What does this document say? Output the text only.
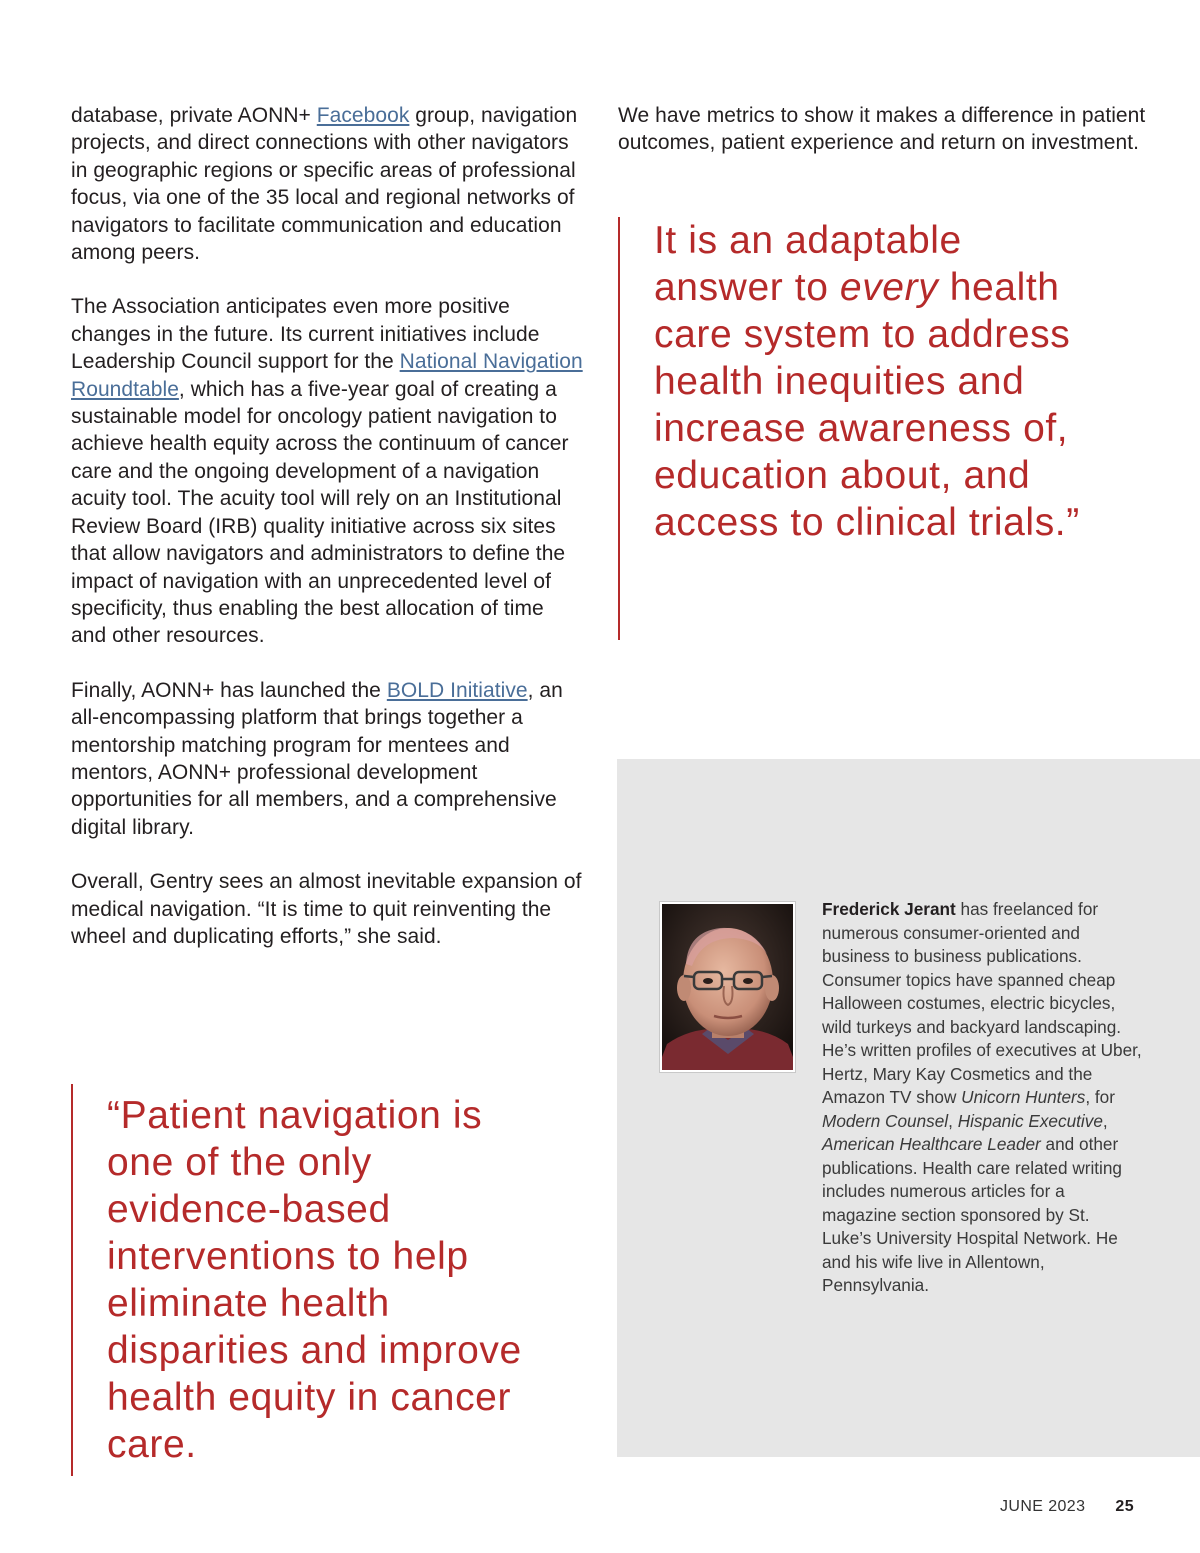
database, private AONN+ Facebook group, navigation projects, and direct connections with other navigators in geographic regions or specific areas of professional focus, via one of the 35 local and regional networks of navigators to facilitate communication and education among peers.

The Association anticipates even more positive changes in the future. Its current initiatives include Leadership Council support for the National Navigation Roundtable, which has a five-year goal of creating a sustainable model for oncology patient navigation to achieve health equity across the continuum of cancer care and the ongoing development of a navigation acuity tool. The acuity tool will rely on an Institutional Review Board (IRB) quality initiative across six sites that allow navigators and administrators to define the impact of navigation with an unprecedented level of specificity, thus enabling the best allocation of time and other resources.

Finally, AONN+ has launched the BOLD Initiative, an all-encompassing platform that brings together a mentorship matching program for mentees and mentors, AONN+ professional development opportunities for all members, and a comprehensive digital library.

Overall, Gentry sees an almost inevitable expansion of medical navigation. “It is time to quit reinventing the wheel and duplicating efforts,” she said.

“Patient navigation is one of the only evidence-based interventions to help eliminate health disparities and improve health equity in cancer care.

We have metrics to show it makes a difference in patient outcomes, patient experience and return on investment.

It is an adaptable answer to every health care system to address health inequities and increase awareness of, education about, and access to clinical trials.”

Frederick Jerant has freelanced for numerous consumer-oriented and business to business publications. Consumer topics have spanned cheap Halloween costumes, electric bicycles, wild turkeys and backyard landscaping. He’s written profiles of executives at Uber, Hertz, Mary Kay Cosmetics and the Amazon TV show Unicorn Hunters, for Modern Counsel, Hispanic Executive, American Healthcare Leader and other publications. Health care related writing includes numerous articles for a magazine section sponsored by St. Luke’s University Hospital Network. He and his wife live in Allentown, Pennsylvania.

JUNE 2023 25
